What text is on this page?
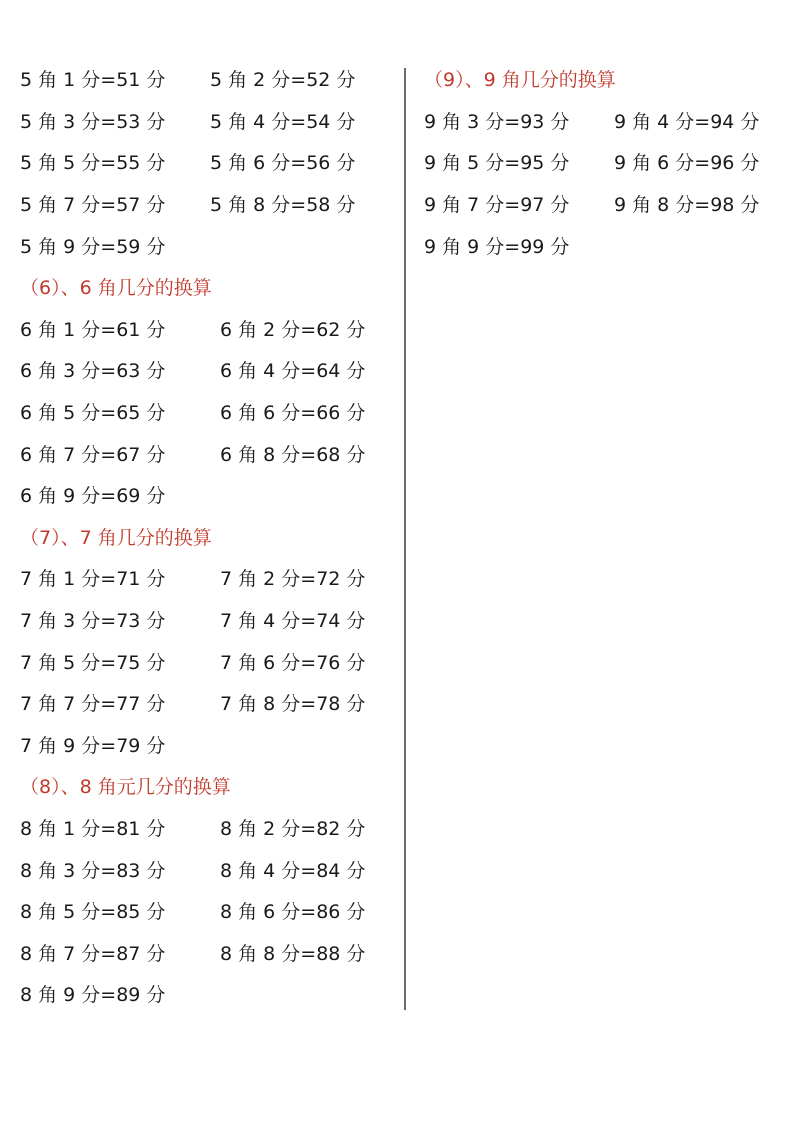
5 角 1 分=51 分	5 角 2 分=52 分
5 角 3 分=53 分	5 角 4 分=54 分
5 角 5 分=55 分	5 角 6 分=56 分
5 角 7 分=57 分	5 角 8 分=58 分
5 角 9 分=59 分
（6）、6 角几分的换算
6 角 1 分=61 分	6 角 2 分=62 分
6 角 3 分=63 分	6 角 4 分=64 分
6 角 5 分=65 分	6 角 6 分=66 分
6 角 7 分=67 分	6 角 8 分=68 分
6 角 9 分=69 分
（7）、7 角几分的换算
7 角 1 分=71 分	7 角 2 分=72 分
7 角 3 分=73 分	7 角 4 分=74 分
7 角 5 分=75 分	7 角 6 分=76 分
7 角 7 分=77 分	7 角 8 分=78 分
7 角 9 分=79 分
（8）、8 角元几分的换算
8 角 1 分=81 分	8 角 2 分=82 分
8 角 3 分=83 分	8 角 4 分=84 分
8 角 5 分=85 分	8 角 6 分=86 分
8 角 7 分=87 分	8 角 8 分=88 分
8 角 9 分=89 分
（9）、9 角几分的换算
9 角 3 分=93 分	9 角 4 分=94 分
9 角 5 分=95 分	9 角 6 分=96 分
9 角 7 分=97 分	9 角 8 分=98 分
9 角 9 分=99 分
